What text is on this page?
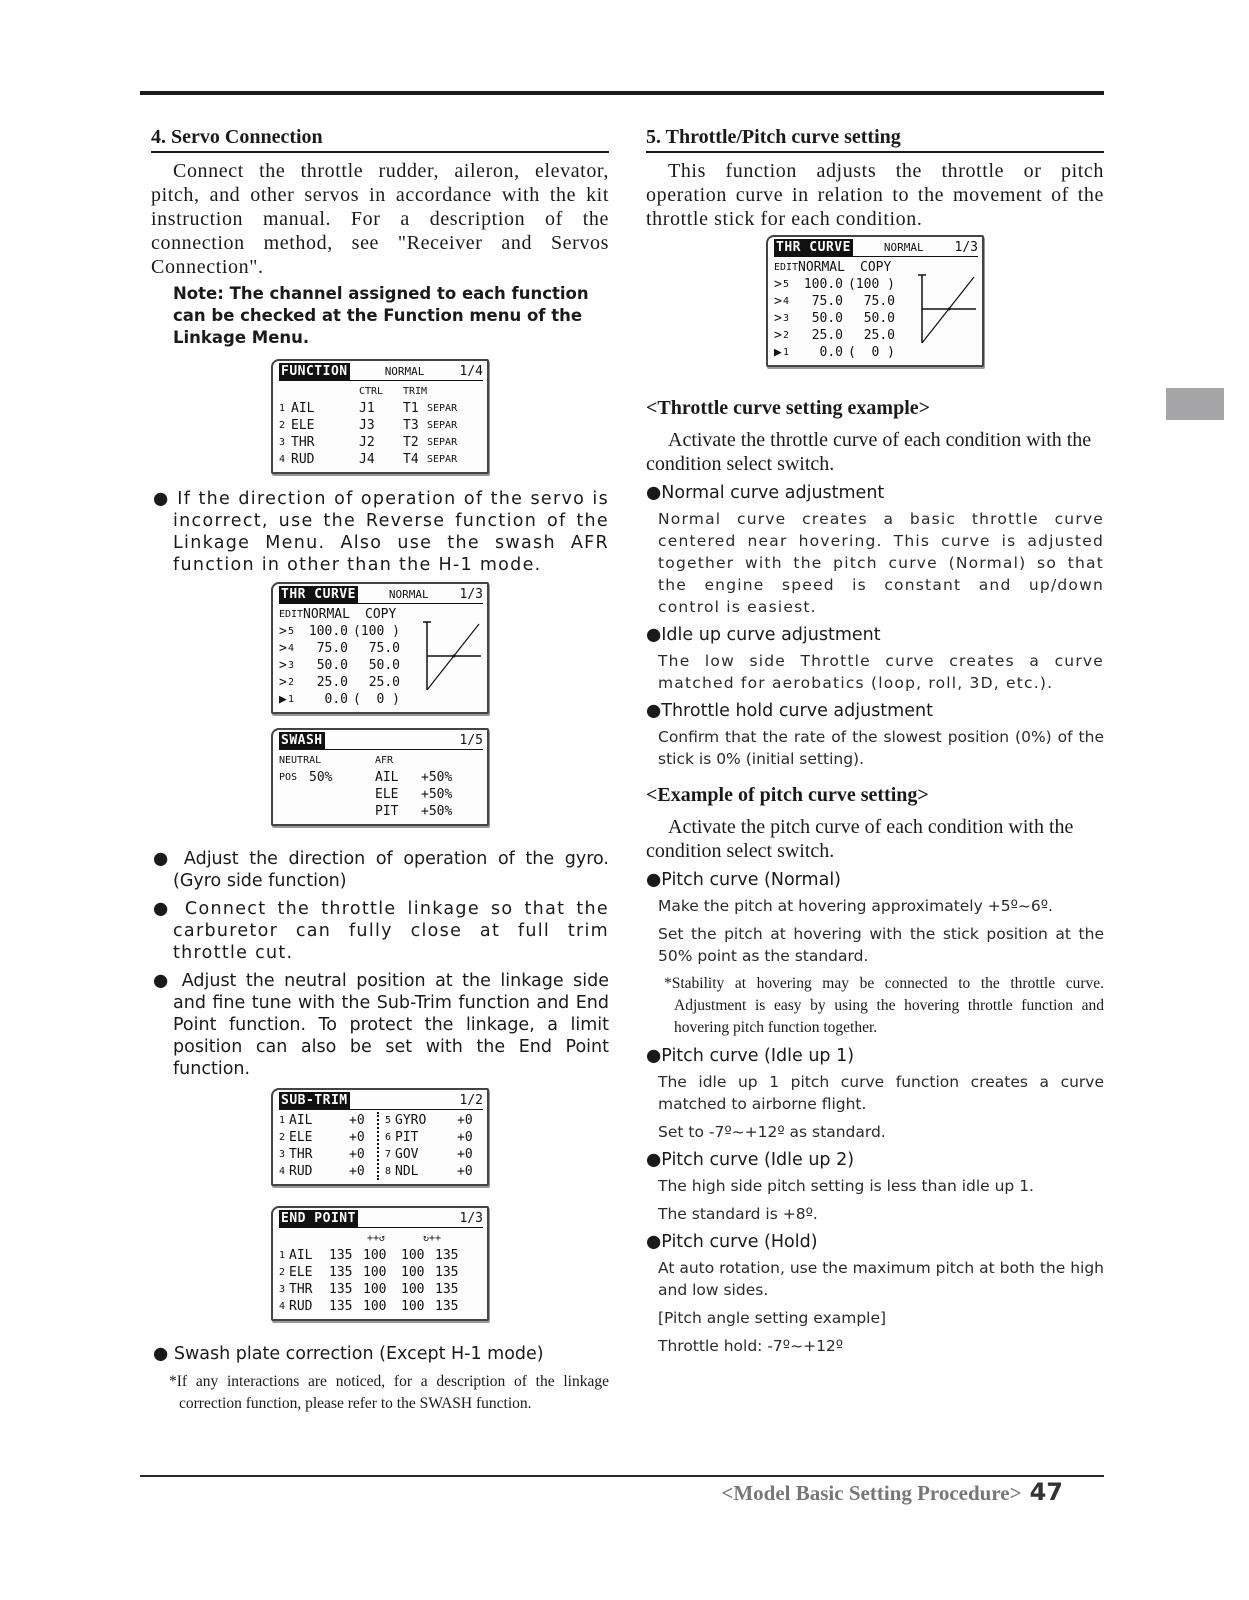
4. Servo Connection

Connect the throttle rudder, aileron, elevator, pitch, and other servos in accordance with the kit instruction manual. For a description of the connection method, see "Receiver and Servos Connection".

Note: The channel assigned to each function can be checked at the Function menu of the Linkage Menu.
FUNCTION	NORMAL	1/4
CTRL	TRIM
1 AIL	J1	T1 SEPAR
2 ELE	J3	T3 SEPAR
3 THR	J2	T2 SEPAR
4 RUD	J4	T4 SEPAR
● If the direction of operation of the servo is incorrect, use the Reverse function of the Linkage Menu. Also use the swash AFR function in other than the H-1 mode.
THR CURVE	NORMAL 1/3
EDIT NORMAL	COPY
> 5	100.0 (100 )
> 4	75.0	75.0
> 3	50.0	50.0
> 2	25.0	25.0
▶ 1	0.0 (  0 )
SWASH	1/5
NEUTRAL	AFR
POS 50%	AIL	+50%
ELE	+50%
PIT	+50%
● Adjust the direction of operation of the gyro. (Gyro side function)
● Connect the throttle linkage so that the carburetor can fully close at full trim throttle cut.
● Adjust the neutral position at the linkage side and fine tune with the Sub-Trim function and End Point function. To protect the linkage, a limit position can also be set with the End Point function.
SUB-TRIM	1/2
1 AIL	+0
2 ELE	+0
3 THR	+0
4 RUD	+0
5 GYRO	+0
6 PIT	+0
7 GOV	+0
8 NDL	+0
END POINT	1/3
++↺	↻++
1 AIL	135 100	100 135
2 ELE	135 100	100 135
3 THR	135 100	100 135
4 RUD	135 100	100 135
● Swash plate correction (Except H-1 mode)
*If any interactions are noticed, for a description of the linkage correction function, please refer to the SWASH function.
5. Throttle/Pitch curve setting

This function adjusts the throttle or pitch operation curve in relation to the movement of the throttle stick for each condition.

THR CURVE	NORMAL 1/3
EDIT NORMAL	COPY
> 5	100.0 (100 )
> 4	75.0	75.0
> 3	50.0	50.0
> 2	25.0	25.0
▶ 1	0.0 (  0 )
<Throttle curve setting example>

Activate the throttle curve of each condition with the condition select switch.

●Normal curve adjustment
Normal curve creates a basic throttle curve centered near hovering. This curve is adjusted together with the pitch curve (Normal) so that the engine speed is constant and up/down control is easiest.
●Idle up curve adjustment
The low side Throttle curve creates a curve matched for aerobatics (loop, roll, 3D, etc.).
●Throttle hold curve adjustment
Confirm that the rate of the slowest position (0%) of the stick is 0% (initial setting).
<Example of pitch curve setting>

Activate the pitch curve of each condition with the condition select switch.

●Pitch curve (Normal)
Make the pitch at hovering approximately +5º~6º.
Set the pitch at hovering with the stick position at the 50% point as the standard.
*Stability at hovering may be connected to the throttle curve. Adjustment is easy by using the hovering throttle function and hovering pitch function together.
●Pitch curve (Idle up 1)
The idle up 1 pitch curve function creates a curve matched to airborne flight.
Set to -7º~+12º as standard.
●Pitch curve (Idle up 2)
The high side pitch setting is less than idle up 1.
The standard is +8º.
●Pitch curve (Hold)
At auto rotation, use the maximum pitch at both the high and low sides.
[Pitch angle setting example]
Throttle hold: -7º~+12º
<Model Basic Setting Procedure> 47
